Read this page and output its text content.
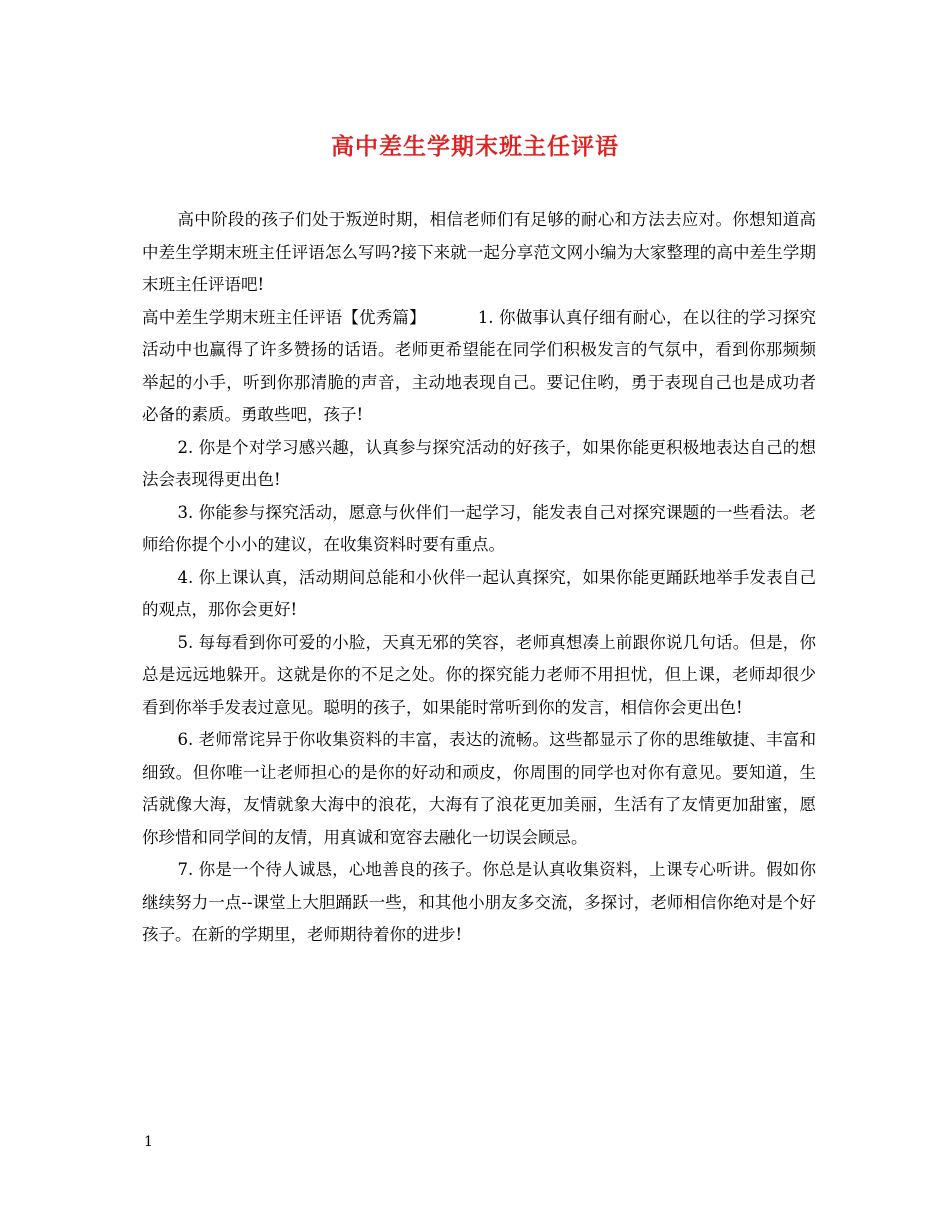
高中差生学期末班主任评语

高中阶段的孩子们处于叛逆时期，相信老师们有足够的耐心和方法去应对。你想知道高中差生学期末班主任评语怎么写吗?接下来就一起分享范文网小编为大家整理的高中差生学期末班主任评语吧!

高中差生学期末班主任评语【优秀篇】	1. 你做事认真仔细有耐心，在以往的学习探究活动中也赢得了许多赞扬的话语。老师更希望能在同学们积极发言的气氛中，看到你那频频举起的小手，听到你那清脆的声音，主动地表现自己。要记住哟，勇于表现自己也是成功者必备的素质。勇敢些吧，孩子!

2. 你是个对学习感兴趣，认真参与探究活动的好孩子，如果你能更积极地表达自己的想法会表现得更出色!

3. 你能参与探究活动，愿意与伙伴们一起学习，能发表自己对探究课题的一些看法。老师给你提个小小的建议，在收集资料时要有重点。

4. 你上课认真，活动期间总能和小伙伴一起认真探究，如果你能更踊跃地举手发表自己的观点，那你会更好!

5. 每每看到你可爱的小脸，天真无邪的笑容，老师真想凑上前跟你说几句话。但是，你总是远远地躲开。这就是你的不足之处。你的探究能力老师不用担忧，但上课，老师却很少看到你举手发表过意见。聪明的孩子，如果能时常听到你的发言，相信你会更出色!

6. 老师常诧异于你收集资料的丰富，表达的流畅。这些都显示了你的思维敏捷、丰富和细致。但你唯一让老师担心的是你的好动和顽皮，你周围的同学也对你有意见。要知道，生活就像大海，友情就象大海中的浪花，大海有了浪花更加美丽，生活有了友情更加甜蜜，愿你珍惜和同学间的友情，用真诚和宽容去融化一切误会顾忌。

7. 你是一个待人诚恳，心地善良的孩子。你总是认真收集资料，上课专心听讲。假如你继续努力一点--课堂上大胆踊跃一些，和其他小朋友多交流，多探讨，老师相信你绝对是个好孩子。在新的学期里，老师期待着你的进步!

1
